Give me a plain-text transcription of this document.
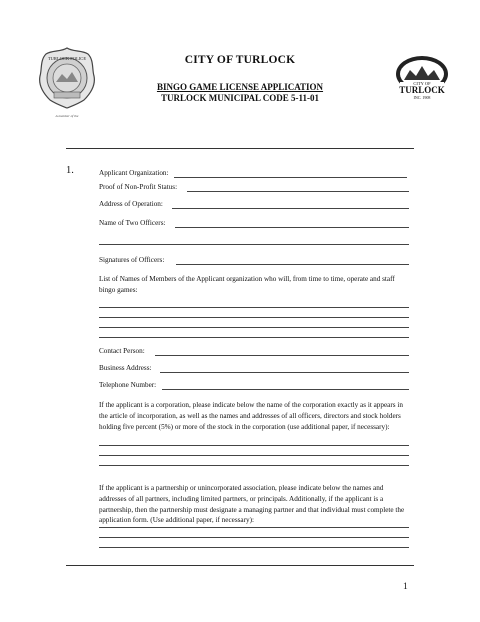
TURLOCK POLICE
A member of the
CITY OF
TURLOCK
INC. 1908
CITY OF TURLOCK
BINGO GAME LICENSE APPLICATION
TURLOCK MUNICIPAL CODE 5-11-01
1.	Applicant Organization:
Proof of Non-Profit Status:
Address of Operation:
Name of Two Officers:
Signatures of Officers:
List of Names of Members of the Applicant organization who will, from time to time, operate and staff bingo games:
Contact Person:
Business Address:
Telephone Number:
If the applicant is a corporation, please indicate below the name of the corporation exactly as it appears in the article of incorporation, as well as the names and addresses of all officers, directors and stock holders holding five percent (5%) or more of the stock in the corporation (use additional paper, if necessary):
If the applicant is a partnership or unincorporated association, please indicate below the names and addresses of all partners, including limited partners, or principals. Additionally, if the applicant is a partnership, then the partnership must designate a managing partner and that individual must complete the application form. (Use additional paper, if necessary):
1
